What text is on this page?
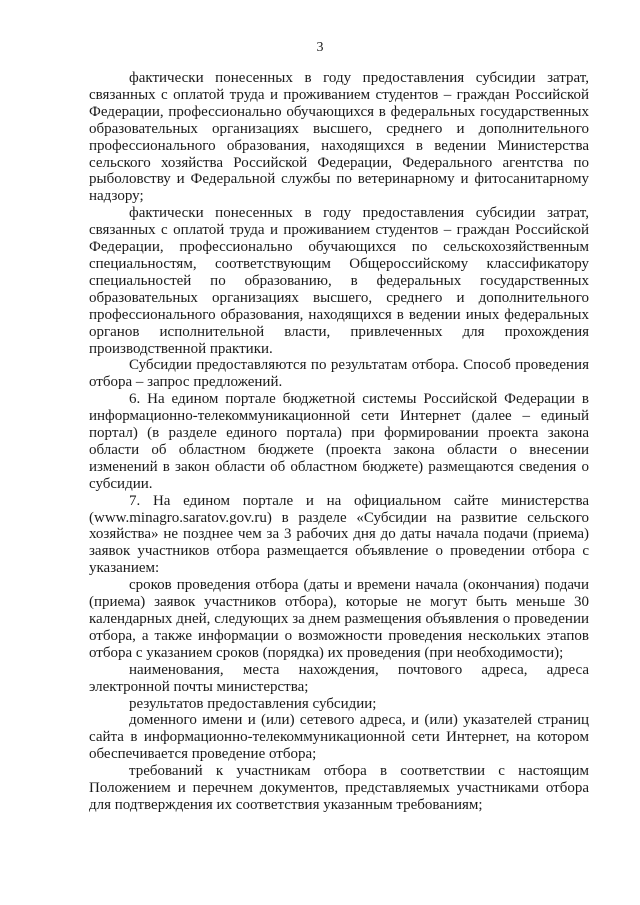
3

фактически понесенных в году предоставления субсидии затрат, связанных с оплатой труда и проживанием студентов – граждан Российской Федерации, профессионально обучающихся в федеральных государственных образовательных организациях высшего, среднего и дополнительного профессионального образования, находящихся в ведении Министерства сельского хозяйства Российской Федерации, Федерального агентства по рыболовству и Федеральной службы по ветеринарному и фитосанитарному надзору;

фактически понесенных в году предоставления субсидии затрат, связанных с оплатой труда и проживанием студентов – граждан Российской Федерации, профессионально обучающихся по сельскохозяйственным специальностям, соответствующим Общероссийскому классификатору специальностей по образованию, в федеральных государственных образовательных организациях высшего, среднего и дополнительного профессионального образования, находящихся в ведении иных федеральных органов исполнительной власти, привлеченных для прохождения производственной практики.

Субсидии предоставляются по результатам отбора. Способ проведения отбора – запрос предложений.

6. На едином портале бюджетной системы Российской Федерации в информационно-телекоммуникационной сети Интернет (далее – единый портал) (в разделе единого портала) при формировании проекта закона области об областном бюджете (проекта закона области о внесении изменений в закон области об областном бюджете) размещаются сведения о субсидии.

7. На едином портале и на официальном сайте министерства (www.minagro.saratov.gov.ru) в разделе «Субсидии на развитие сельского хозяйства» не позднее чем за 3 рабочих дня до даты начала подачи (приема) заявок участников отбора размещается объявление о проведении отбора с указанием:

сроков проведения отбора (даты и времени начала (окончания) подачи (приема) заявок участников отбора), которые не могут быть меньше 30 календарных дней, следующих за днем размещения объявления о проведении отбора, а также информации о возможности проведения нескольких этапов отбора с указанием сроков (порядка) их проведения (при необходимости);

наименования, места нахождения, почтового адреса, адреса электронной почты министерства;

результатов предоставления субсидии;

доменного имени и (или) сетевого адреса, и (или) указателей страниц сайта в информационно-телекоммуникационной сети Интернет, на котором обеспечивается проведение отбора;

требований к участникам отбора в соответствии с настоящим Положением и перечнем документов, представляемых участниками отбора для подтверждения их соответствия указанным требованиям;
